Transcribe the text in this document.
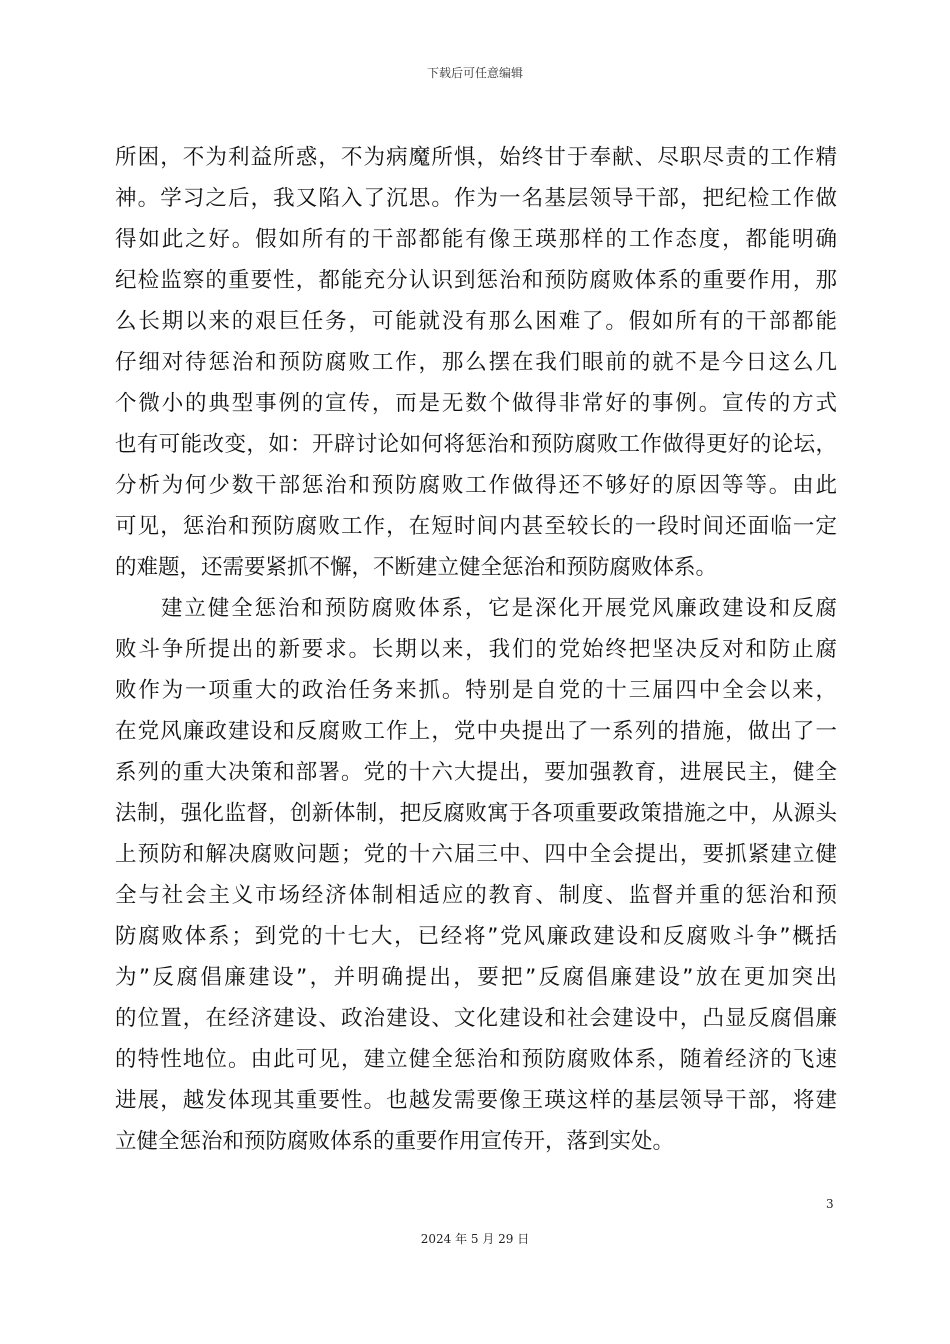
下载后可任意编辑
所困，不为利益所惑，不为病魔所惧，始终甘于奉献、尽职尽责的工作精
神。学习之后，我又陷入了沉思。作为一名基层领导干部，把纪检工作做
得如此之好。假如所有的干部都能有像王瑛那样的工作态度，都能明确
纪检监察的重要性，都能充分认识到惩治和预防腐败体系的重要作用，那
么长期以来的艰巨任务，可能就没有那么困难了。假如所有的干部都能
仔细对待惩治和预防腐败工作，那么摆在我们眼前的就不是今日这么几
个微小的典型事例的宣传，而是无数个做得非常好的事例。宣传的方式
也有可能改变，如：开辟讨论如何将惩治和预防腐败工作做得更好的论坛，
分析为何少数干部惩治和预防腐败工作做得还不够好的原因等等。由此
可见，惩治和预防腐败工作，在短时间内甚至较长的一段时间还面临一定
的难题，还需要紧抓不懈，不断建立健全惩治和预防腐败体系。
建立健全惩治和预防腐败体系，它是深化开展党风廉政建设和反腐
败斗争所提出的新要求。长期以来，我们的党始终把坚决反对和防止腐
败作为一项重大的政治任务来抓。特别是自党的十三届四中全会以来，
在党风廉政建设和反腐败工作上，党中央提出了一系列的措施，做出了一
系列的重大决策和部署。党的十六大提出，要加强教育，进展民主，健全
法制，强化监督，创新体制，把反腐败寓于各项重要政策措施之中，从源头
上预防和解决腐败问题；党的十六届三中、四中全会提出，要抓紧建立健
全与社会主义市场经济体制相适应的教育、制度、监督并重的惩治和预
防腐败体系；到党的十七大，已经将”党风廉政建设和反腐败斗争”概括
为”反腐倡廉建设”，并明确提出，要把”反腐倡廉建设”放在更加突出
的位置，在经济建设、政治建设、文化建设和社会建设中，凸显反腐倡廉
的特性地位。由此可见，建立健全惩治和预防腐败体系，随着经济的飞速
进展，越发体现其重要性。也越发需要像王瑛这样的基层领导干部，将建
立健全惩治和预防腐败体系的重要作用宣传开，落到实处。
3
2024 年 5 月 29 日
